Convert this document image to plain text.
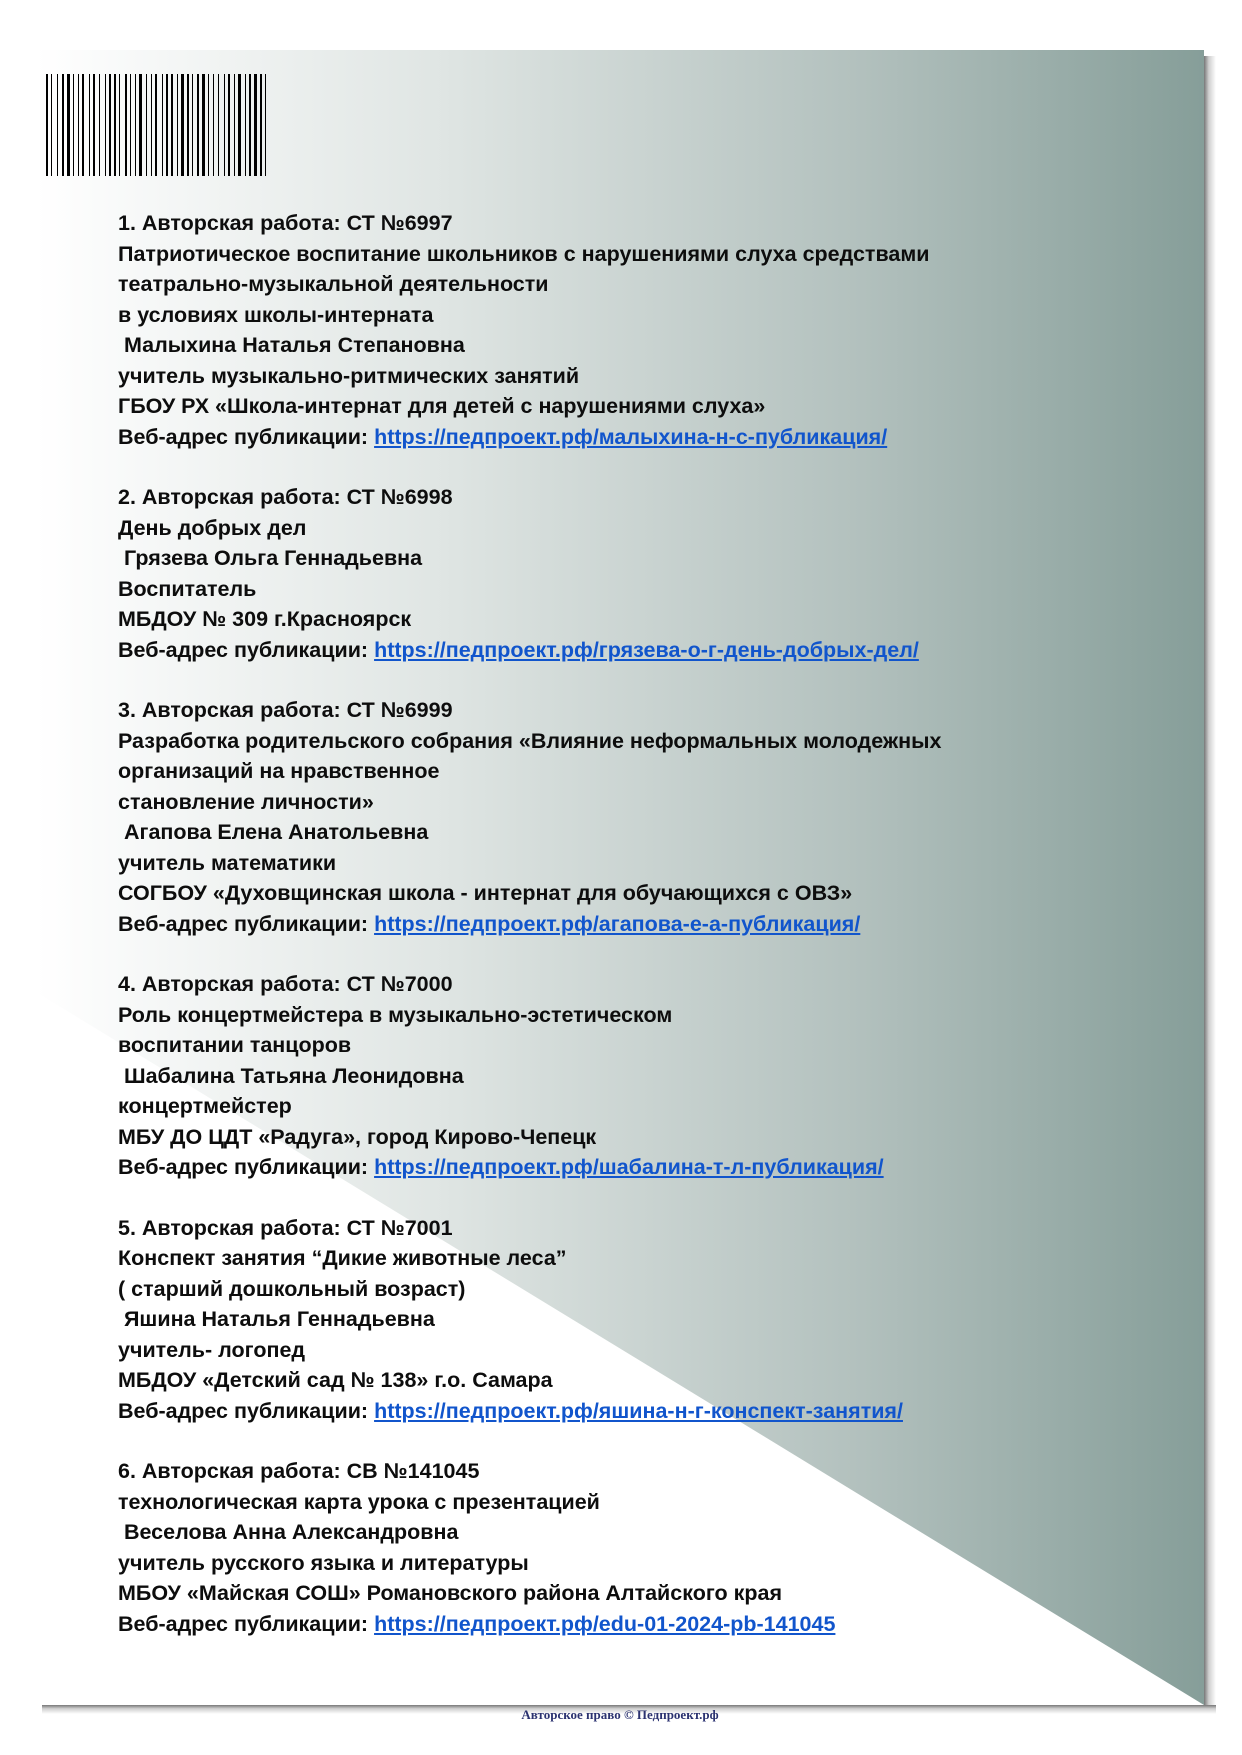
1. Авторская работа: СТ №6997
Патриотическое воспитание школьников с нарушениями слуха средствами
театрально-музыкальной деятельности
в условиях школы-интерната
Малыхина Наталья Степановна
учитель музыкально-ритмических занятий
ГБОУ РХ «Школа-интернат для детей с нарушениями слуха»
Веб-адрес публикации: https://педпроект.рф/малыхина-н-с-публикация/
2. Авторская работа: СТ №6998
День добрых дел
Грязева Ольга Геннадьевна
Воспитатель
МБДОУ № 309 г.Красноярск
Веб-адрес публикации: https://педпроект.рф/грязева-о-г-день-добрых-дел/
3. Авторская работа: СТ №6999
Разработка родительского собрания «Влияние неформальных молодежных
организаций на нравственное
становление личности»
Агапова Елена Анатольевна
учитель математики
СОГБОУ «Духовщинская школа - интернат для обучающихся с ОВЗ»
Веб-адрес публикации: https://педпроект.рф/агапова-е-а-публикация/
4. Авторская работа: СТ №7000
Роль концертмейстера в музыкально-эстетическом
воспитании танцоров
Шабалина Татьяна Леонидовна
концертмейстер
МБУ ДО ЦДТ «Радуга», город Кирово-Чепецк
Веб-адрес публикации: https://педпроект.рф/шабалина-т-л-публикация/
5. Авторская работа: СТ №7001
Конспект занятия “Дикие животные леса”
( старший дошкольный возраст)
Яшина Наталья Геннадьевна
учитель- логопед
МБДОУ «Детский сад № 138» г.о. Самара
Веб-адрес публикации: https://педпроект.рф/яшина-н-г-конспект-занятия/
6. Авторская работа: СВ №141045
технологическая карта урока с презентацией
Веселова Анна Александровна
учитель русского языка и литературы
МБОУ «Майская СОШ» Романовского района Алтайского края
Веб-адрес публикации: https://педпроект.рф/edu-01-2024-pb-141045
Авторское право © Педпроект.рф
